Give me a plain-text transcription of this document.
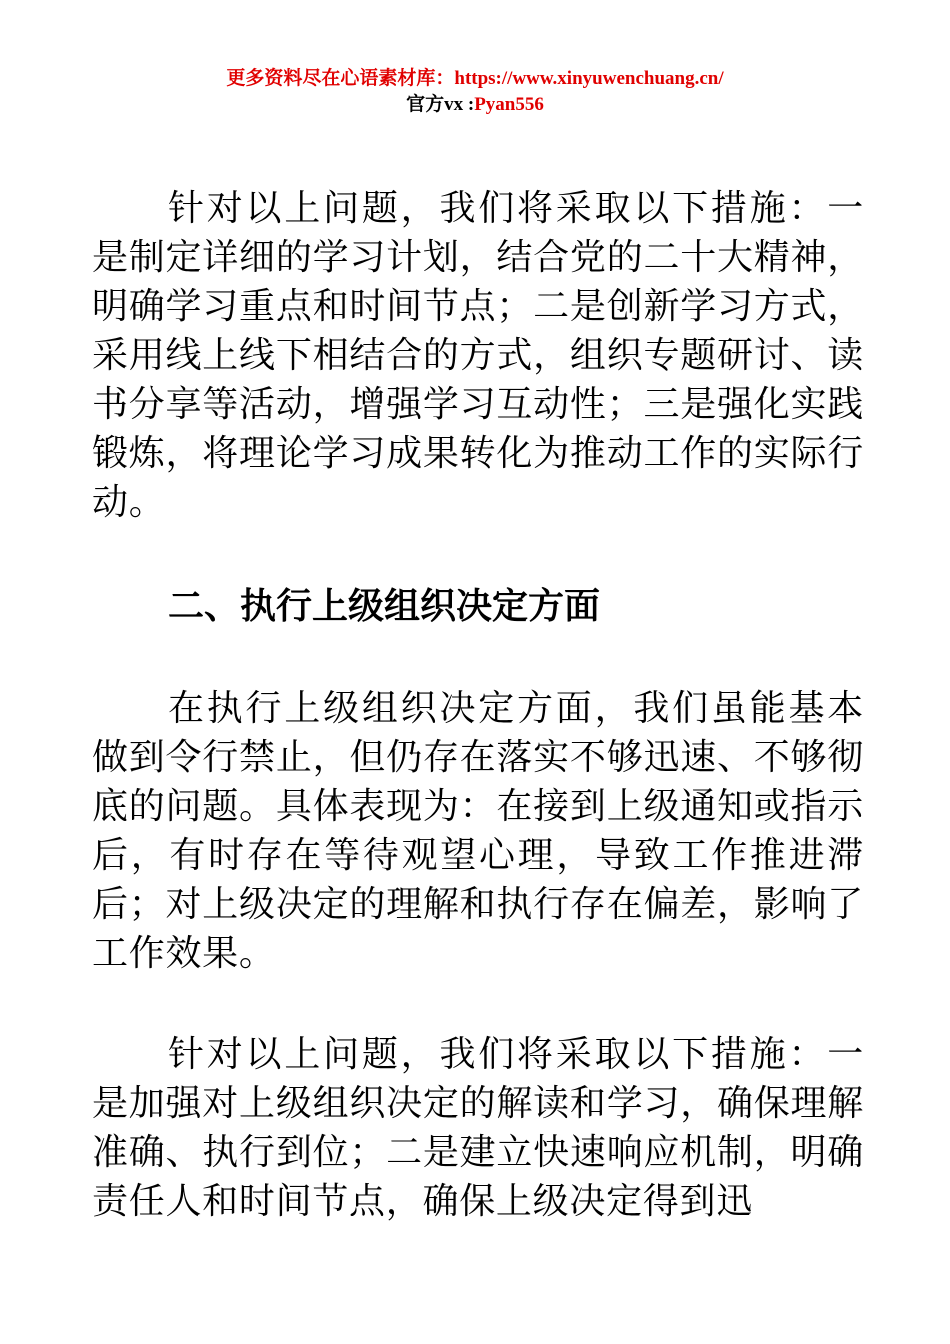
更多资料尽在心语素材库：https://www.xinyuwenchuang.cn/
官方vx :Pyan556

针对以上问题，我们将采取以下措施：一是制定详细的学习计划，结合党的二十大精神，明确学习重点和时间节点；二是创新学习方式，采用线上线下相结合的方式，组织专题研讨、读书分享等活动，增强学习互动性；三是强化实践锻炼，将理论学习成果转化为推动工作的实际行动。

二、执行上级组织决定方面

在执行上级组织决定方面，我们虽能基本做到令行禁止，但仍存在落实不够迅速、不够彻底的问题。具体表现为：在接到上级通知或指示后，有时存在等待观望心理，导致工作推进滞后；对上级决定的理解和执行存在偏差，影响了工作效果。

针对以上问题，我们将采取以下措施：一是加强对上级组织决定的解读和学习，确保理解准确、执行到位；二是建立快速响应机制，明确责任人和时间节点，确保上级决定得到迅
